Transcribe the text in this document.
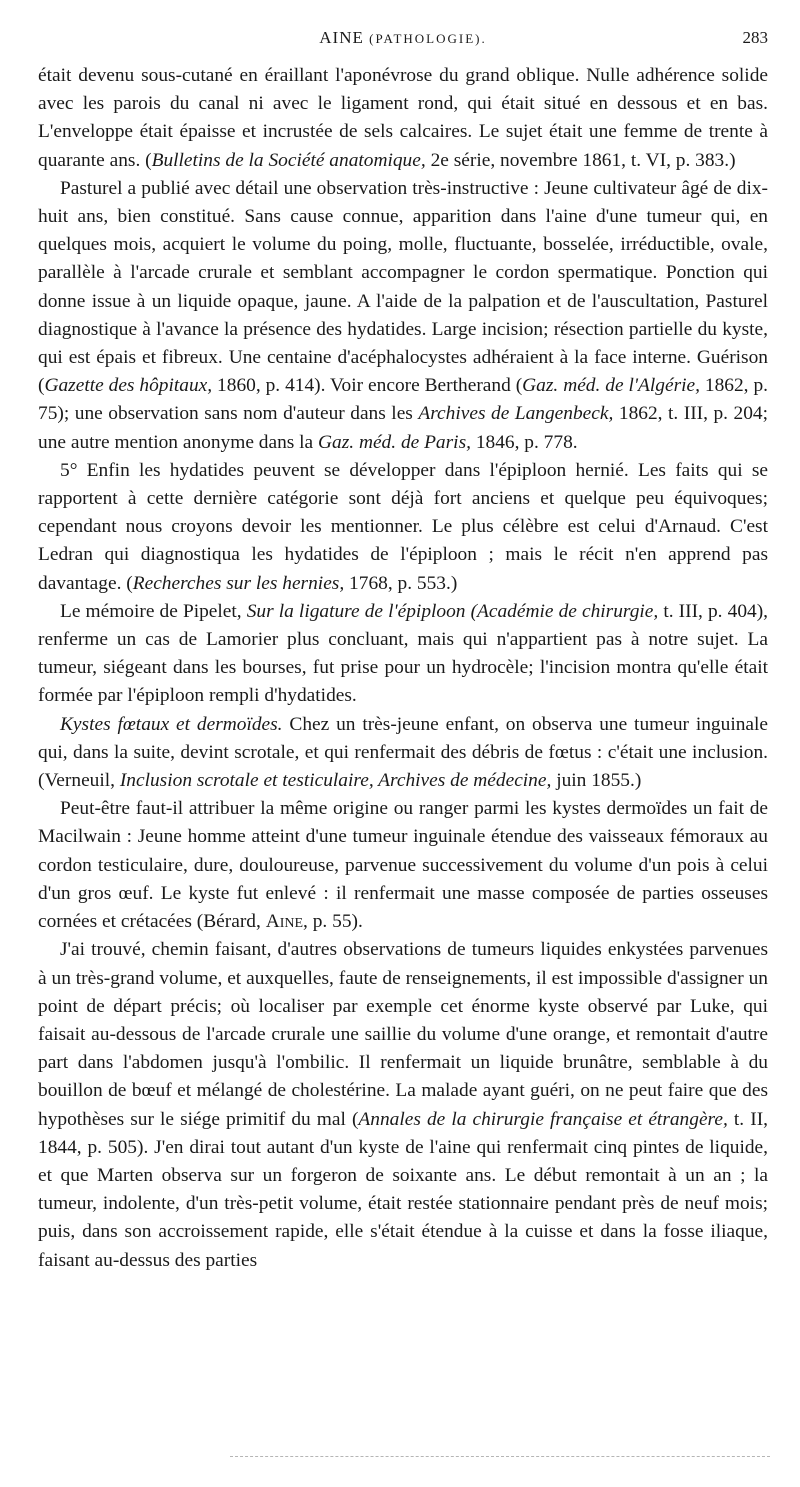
AINE (PATHOLOGIE).	283

était devenu sous-cutané en éraillant l'aponévrose du grand oblique. Nulle adhérence solide avec les parois du canal ni avec le ligament rond, qui était situé en dessous et en bas. L'enveloppe était épaisse et incrustée de sels calcaires. Le sujet était une femme de trente à quarante ans. (Bulletins de la Société anatomique, 2e série, novembre 1861, t. VI, p. 383.)

Pasturel a publié avec détail une observation très-instructive : Jeune cultivateur âgé de dix-huit ans, bien constitué. Sans cause connue, apparition dans l'aine d'une tumeur qui, en quelques mois, acquiert le volume du poing, molle, fluctuante, bosselée, irréductible, ovale, parallèle à l'arcade crurale et semblant accompagner le cordon spermatique. Ponction qui donne issue à un liquide opaque, jaune. A l'aide de la palpation et de l'auscultation, Pasturel diagnostique à l'avance la présence des hydatides. Large incision; résection partielle du kyste, qui est épais et fibreux. Une centaine d'acéphalocystes adhéraient à la face interne. Guérison (Gazette des hôpitaux, 1860, p. 414). Voir encore Bertherand (Gaz. méd. de l'Algérie, 1862, p. 75); une observation sans nom d'auteur dans les Archives de Langenbeck, 1862, t. III, p. 204; une autre mention anonyme dans la Gaz. méd. de Paris, 1846, p. 778.

5° Enfin les hydatides peuvent se développer dans l'épiploon hernié. Les faits qui se rapportent à cette dernière catégorie sont déjà fort anciens et quelque peu équivoques; cependant nous croyons devoir les mentionner. Le plus célèbre est celui d'Arnaud. C'est Ledran qui diagnostiqua les hydatides de l'épiploon ; mais le récit n'en apprend pas davantage. (Recherches sur les hernies, 1768, p. 553.)

Le mémoire de Pipelet, Sur la ligature de l'épiploon (Académie de chirurgie, t. III, p. 404), renferme un cas de Lamorier plus concluant, mais qui n'appartient pas à notre sujet. La tumeur, siégeant dans les bourses, fut prise pour un hydrocèle; l'incision montra qu'elle était formée par l'épiploon rempli d'hydatides.

Kystes fœtaux et dermoïdes. Chez un très-jeune enfant, on observa une tumeur inguinale qui, dans la suite, devint scrotale, et qui renfermait des débris de fœtus : c'était une inclusion. (Verneuil, Inclusion scrotale et testiculaire, Archives de médecine, juin 1855.)

Peut-être faut-il attribuer la même origine ou ranger parmi les kystes dermoïdes un fait de Macilwain : Jeune homme atteint d'une tumeur inguinale étendue des vaisseaux fémoraux au cordon testiculaire, dure, douloureuse, parvenue successivement du volume d'un pois à celui d'un gros œuf. Le kyste fut enlevé : il renfermait une masse composée de parties osseuses cornées et crétacées (Bérard, Aine, p. 55).

J'ai trouvé, chemin faisant, d'autres observations de tumeurs liquides enkystées parvenues à un très-grand volume, et auxquelles, faute de renseignements, il est impossible d'assigner un point de départ précis; où localiser par exemple cet énorme kyste observé par Luke, qui faisait au-dessous de l'arcade crurale une saillie du volume d'une orange, et remontait d'autre part dans l'abdomen jusqu'à l'ombilic. Il renfermait un liquide brunâtre, semblable à du bouillon de bœuf et mélangé de cholestérine. La malade ayant guéri, on ne peut faire que des hypothèses sur le siége primitif du mal (Annales de la chirurgie française et étrangère, t. II, 1844, p. 505). J'en dirai tout autant d'un kyste de l'aine qui renfermait cinq pintes de liquide, et que Marten observa sur un forgeron de soixante ans. Le début remontait à un an ; la tumeur, indolente, d'un très-petit volume, était restée stationnaire pendant près de neuf mois; puis, dans son accroissement rapide, elle s'était étendue à la cuisse et dans la fosse iliaque, faisant au-dessus des parties
